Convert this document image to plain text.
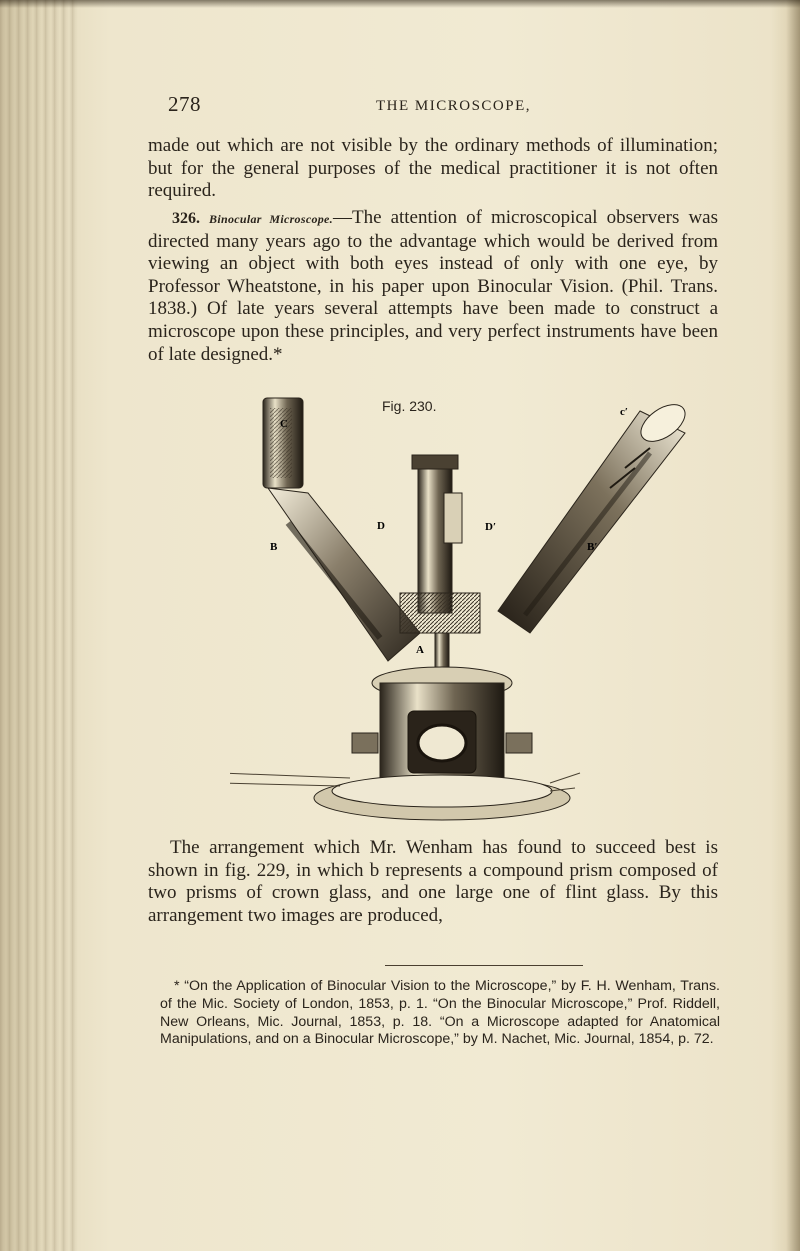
278	THE MICROSCOPE,

made out which are not visible by the ordinary methods of illumination; but for the general purposes of the medical practitioner it is not often required.

326. Binocular Microscope.—The attention of microscopical observers was directed many years ago to the advantage which would be derived from viewing an object with both eyes instead of only with one eye, by Professor Wheatstone, in his paper upon Binocular Vision. (Phil. Trans. 1838.) Of late years several attempts have been made to construct a microscope upon these principles, and very perfect instruments have been of late designed.*

Fig. 230.
C
c′
B	B′
D	D′
A

The arrangement which Mr. Wenham has found to succeed best is shown in fig. 229, in which b represents a compound prism composed of two prisms of crown glass, and one large one of flint glass. By this arrangement two images are produced,

* “On the Application of Binocular Vision to the Microscope,” by F. H. Wenham, Trans. of the Mic. Society of London, 1853, p. 1. “On the Binocular Microscope,” Prof. Riddell, New Orleans, Mic. Journal, 1853, p. 18. “On a Microscope adapted for Anatomical Manipulations, and on a Binocular Microscope,” by M. Nachet, Mic. Journal, 1854, p. 72.
